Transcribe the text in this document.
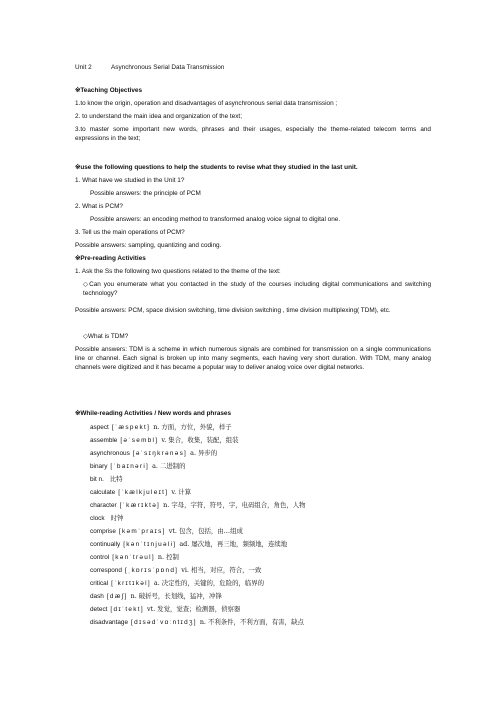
Unit 2	Asynchronous Serial Data Transmission
※Teaching Objectives
1.to know the origin, operation and disadvantages of asynchronous serial data transmission ;
2. to understand the main idea and organization of the text;
3.to master some important new words, phrases and their usages, especially the theme-related telecom terms and expressions in the text;
※use the following questions to help the students to revise what they studied in the last unit.
1. What have we studied in the Unit 1?
Possible answers: the principle of PCM
2. What is PCM?
Possible answers: an encoding method to transformed analog voice signal to digital one.
3. Tell us the main operations of PCM?
Possible answers: sampling, quantizing and coding.
※Pre-reading Activities
1. Ask the Ss the following two questions related to the theme of the text:
◇Can you enumerate what you contacted in the study of the courses including digital communications and switching technology?
Possible answers: PCM, space division switching, time division switching , time division multiplexing( TDM), etc.
◇What is TDM?
Possible answers: TDM is a scheme in which numerous signals are combined for transmission on a single communications line or channel. Each signal is broken up into many segments, each having very short duration. With TDM, many analog channels were digitized and it has became a popular way to deliver analog voice over digital networks.
※While-reading Activities / New words and phrases
aspect [ˈæspekt] n. 方面，方位，外貌，样子
assemble [əˈsembl] v. 集合，收集，装配，组装
asynchronous [əˈsɪŋkrənəs] a. 异步的
binary [ˈbaɪnəri] a. 二进制的
bit n. 比特
calculate [ˈkælkjuleɪt] v. 计算
character [ˈkærɪktə] n. 字母，字符，符号，字，电码组合，角色，人物
clock 时钟
comprise [kəmˈpraɪs] vt. 包含，包括，由…组成
continually [kənˈtɪnjuəli] ad. 屡次地，再三地，频频地，连续地
control [kənˈtrəul] n. 控制
correspond [ˌkɒrɪsˈpɒnd] vi. 相当，对应，符合，一致
critical [ˈkrɪtɪkəl] a. 决定性的，关键的，危险的，临界的
dash [dæʃ] n. 破折号，长划线，猛冲，冲锋
detect [dɪˈtekt] vt. 发觉，觉查；检测器，侦察器
disadvantage [dɪsədˈvɑːntɪdʒ] n. 不利条件，不利方面，有害，缺点
